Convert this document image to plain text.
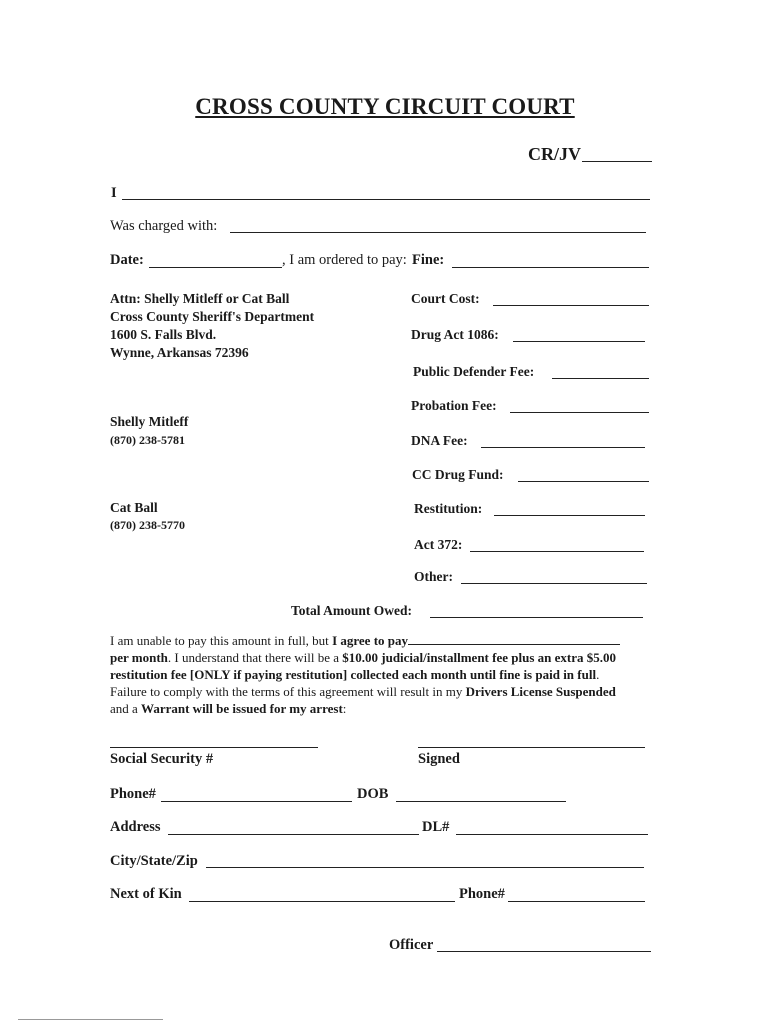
CROSS COUNTY CIRCUIT COURT
CR/JV
I
Was charged with:
Date:	, I am ordered to pay: Fine:
Attn: Shelly Mitleff or Cat Ball
Cross County Sheriff's Department
1600 S. Falls Blvd.
Wynne, Arkansas 72396
Shelly Mitleff
(870) 238-5781
Cat Ball
(870) 238-5770
Court Cost:
Drug Act 1086:
Public Defender Fee:
Probation Fee:
DNA Fee:
CC Drug Fund:
Restitution:
Act 372:
Other:
Total Amount Owed:
I am unable to pay this amount in full, but I agree to pay
per month. I understand that there will be a $10.00 judicial/installment fee plus an extra $5.00
restitution fee [ONLY if paying restitution] collected each month until fine is paid in full.
Failure to comply with the terms of this agreement will result in my Drivers License Suspended
and a Warrant will be issued for my arrest:
Social Security #	Signed
Phone#	DOB
Address	DL#
City/State/Zip
Next of Kin	Phone#
Officer
